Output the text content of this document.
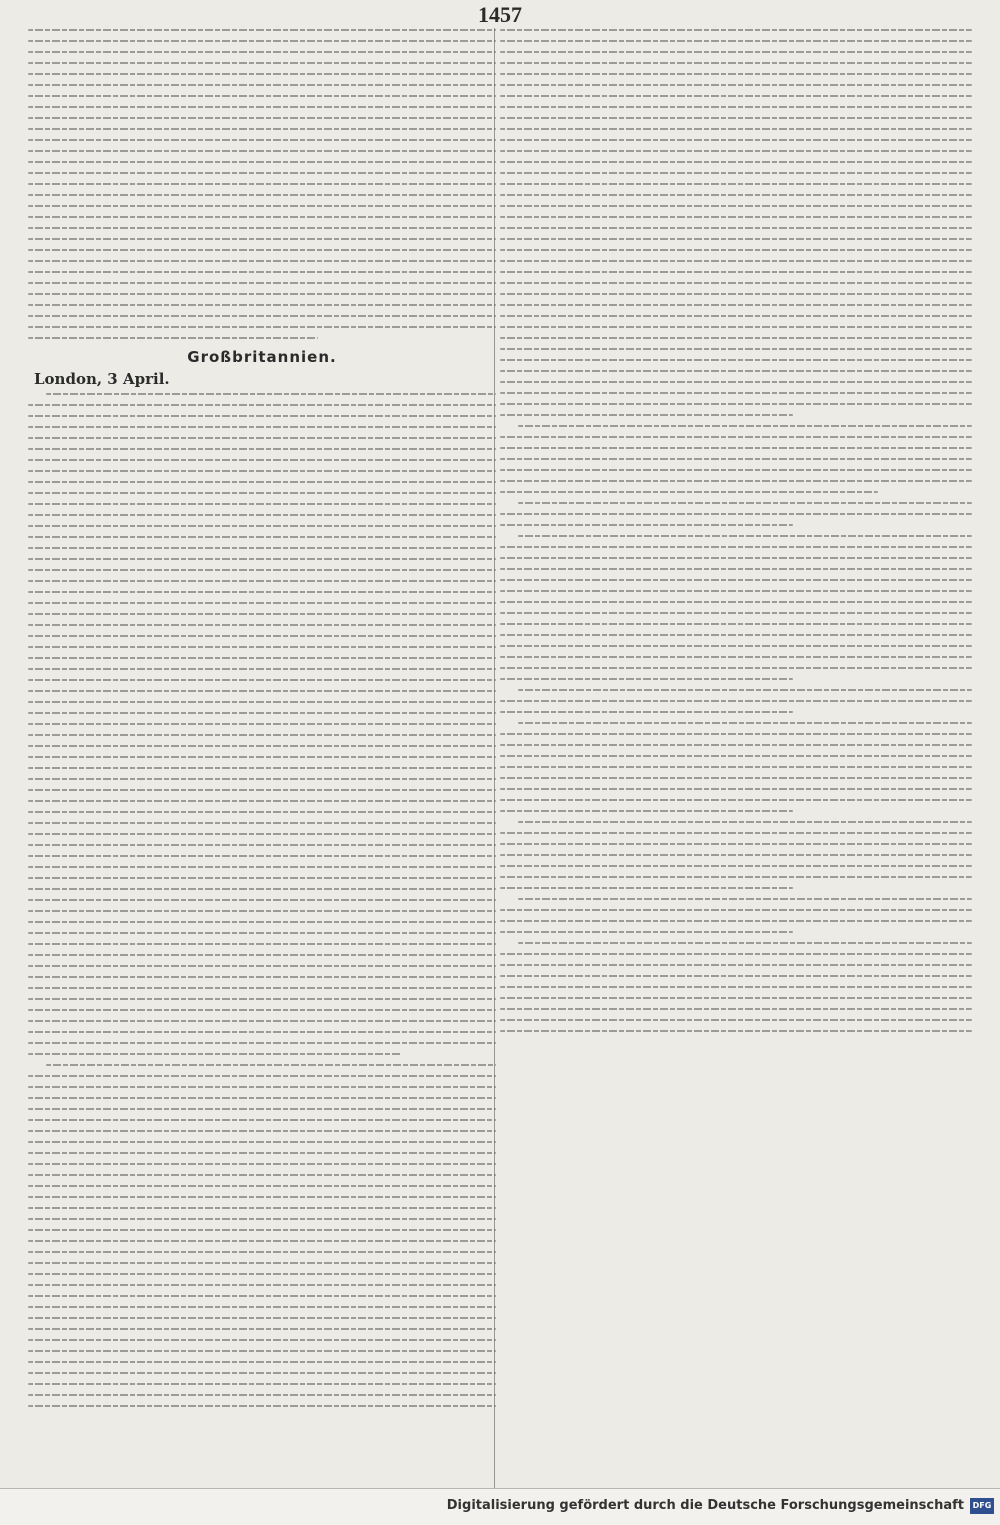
1457
Großbritannien.
London, 3 April.
Digitalisierung gefördert durch die Deutsche Forschungsgemeinschaft	DFG
